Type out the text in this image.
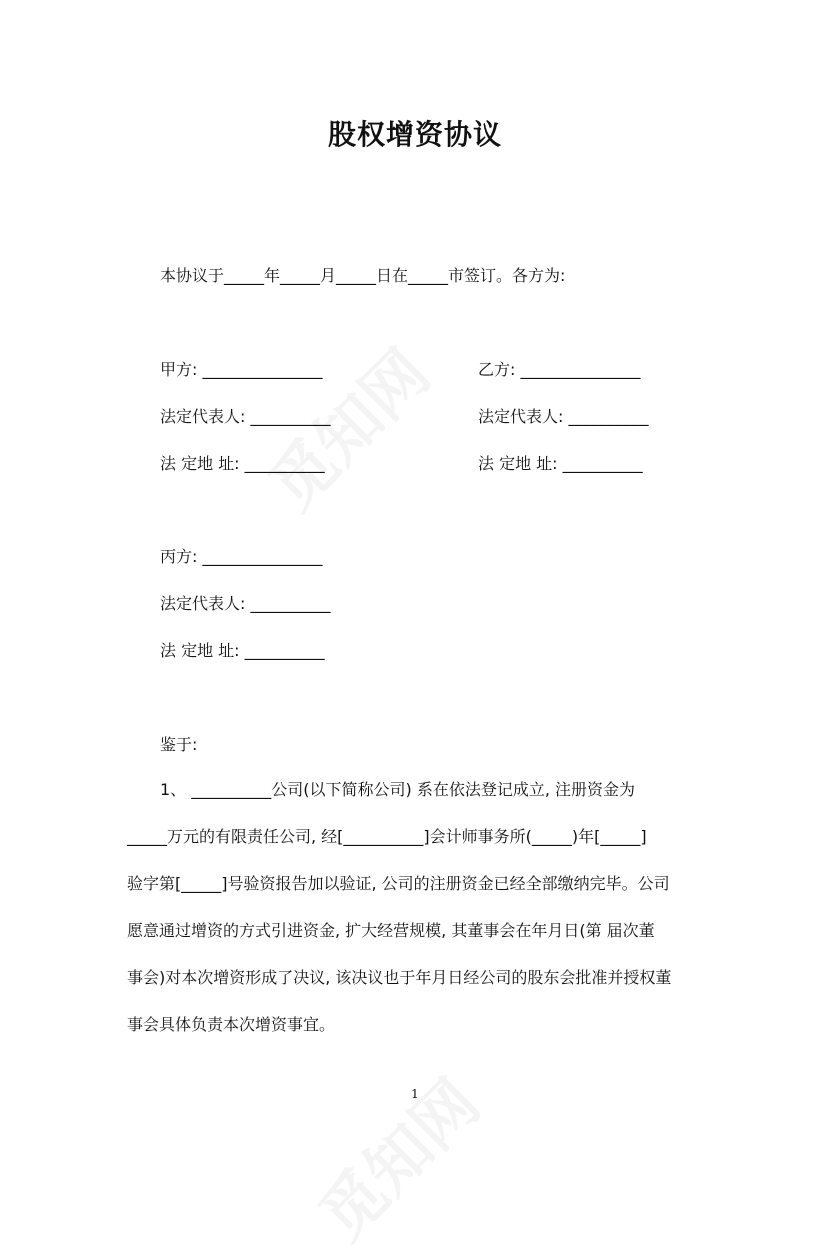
股权增资协议
本协议于_____年_____月_____日在_____市签订。各方为:
甲方: _______________
法定代表人: __________
法 定地 址: __________
乙方: _______________
法定代表人: __________
法 定地 址: __________
丙方: _______________
法定代表人: __________
法 定地 址: __________
鉴于:
1、 __________公司(以下简称公司) 系在依法登记成立, 注册资金为
_____万元的有限责任公司, 经[__________]会计师事务所(_____)年[_____]
验字第[_____]号验资报告加以验证, 公司的注册资金已经全部缴纳完毕。公司
愿意通过增资的方式引进资金, 扩大经营规模, 其董事会在年月日(第 届次董
事会)对本次增资形成了决议, 该决议也于年月日经公司的股东会批准并授权董
事会具体负责本次增资事宜。
1
